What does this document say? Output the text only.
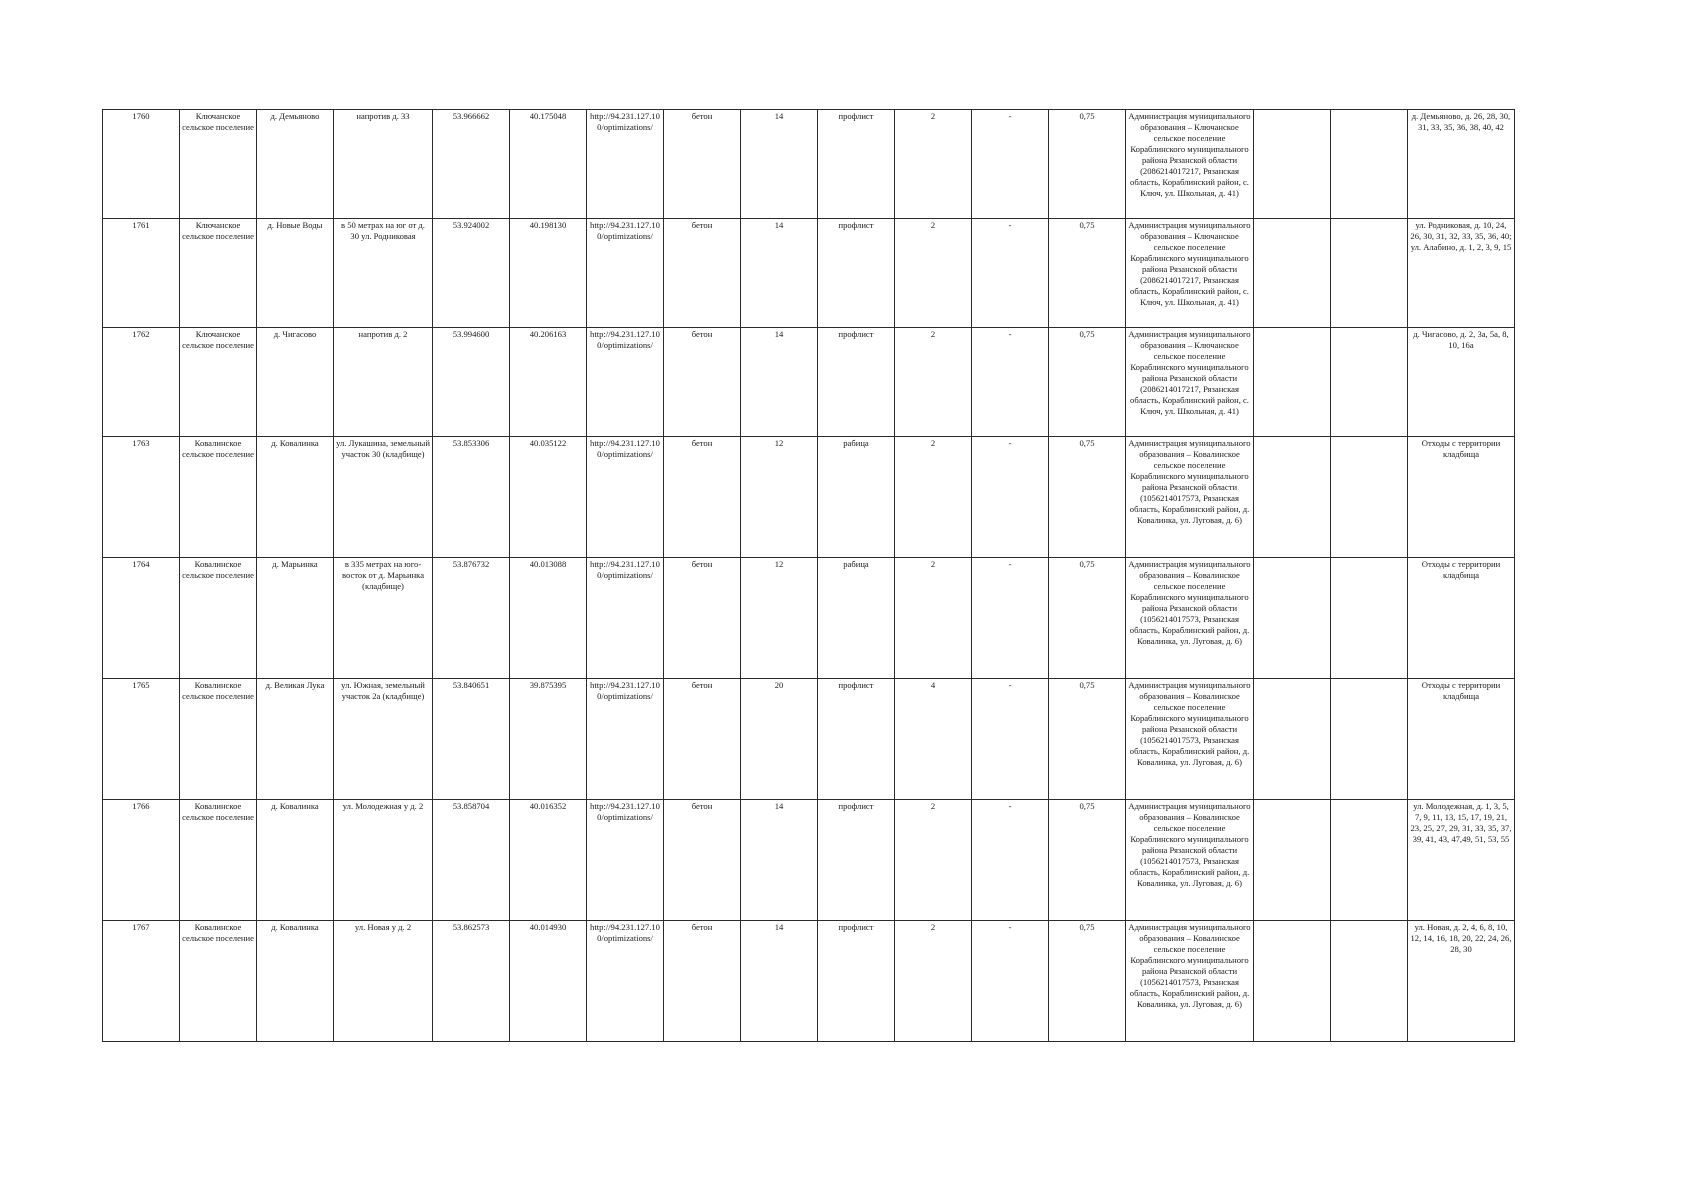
1760	Ключанское сельское поселение	д. Демьяново	напротив д. 33	53.966662	40.175048	http://94.231.127.100/optimizations/	бетон	14	профлист	2	-	0,75	Администрация муниципального образования – Ключанское сельское поселение Кораблинского муниципального района Рязанской области (2086214017217, Рязанская область, Кораблинский район, с. Ключ, ул. Школьная, д. 41)			д. Демьяново, д. 26, 28, 30, 31, 33, 35, 36, 38, 40, 42
1761	Ключанское сельское поселение	д. Новые Воды	в 50 метрах на юг от д. 30 ул. Родниковая	53.924002	40.198130	http://94.231.127.100/optimizations/	бетон	14	профлист	2	-	0,75	Администрация муниципального образования – Ключанское сельское поселение Кораблинского муниципального района Рязанской области (2086214017217, Рязанская область, Кораблинский район, с. Ключ, ул. Школьная, д. 41)			ул. Родниковая, д. 10, 24, 26, 30, 31, 32, 33, 35, 36, 40; ул. Алабино, д. 1, 2, 3, 9, 15
1762	Ключанское сельское поселение	д. Чигасово	напротив д. 2	53.994600	40.206163	http://94.231.127.100/optimizations/	бетон	14	профлист	2	-	0,75	Администрация муниципального образования – Ключанское сельское поселение Кораблинского муниципального района Рязанской области (2086214017217, Рязанская область, Кораблинский район, с. Ключ, ул. Школьная, д. 41)			д. Чигасово, д. 2, 3а, 5а, 8, 10, 16а
1763	Ковалинское сельское поселение	д. Ковалинка	ул. Лукашина, земельный участок 30 (кладбище)	53.853306	40.035122	http://94.231.127.100/optimizations/	бетон	12	рабица	2	-	0,75	Администрация муниципального образования – Ковалинское сельское поселение Кораблинского муниципального района Рязанской области (1056214017573, Рязанская область, Кораблинский район, д. Ковалинка, ул. Луговая, д. 6)			Отходы с территории кладбища
1764	Ковалинское сельское поселение	д. Марьинка	в 335 метрах на юго-восток от д. Марьинка (кладбище)	53.876732	40.013088	http://94.231.127.100/optimizations/	бетон	12	рабица	2	-	0,75	Администрация муниципального образования – Ковалинское сельское поселение Кораблинского муниципального района Рязанской области (1056214017573, Рязанская область, Кораблинский район, д. Ковалинка, ул. Луговая, д. 6)			Отходы с территории кладбища
1765	Ковалинское сельское поселение	д. Великая Лука	ул. Южная, земельный участок 2а (кладбище)	53.840651	39.875395	http://94.231.127.100/optimizations/	бетон	20	профлист	4	-	0,75	Администрация муниципального образования – Ковалинское сельское поселение Кораблинского муниципального района Рязанской области (1056214017573, Рязанская область, Кораблинский район, д. Ковалинка, ул. Луговая, д. 6)			Отходы с территории кладбища
1766	Ковалинское сельское поселение	д. Ковалинка	ул. Молодежная у д. 2	53.858704	40.016352	http://94.231.127.100/optimizations/	бетон	14	профлист	2	-	0,75	Администрация муниципального образования – Ковалинское сельское поселение Кораблинского муниципального района Рязанской области (1056214017573, Рязанская область, Кораблинский район, д. Ковалинка, ул. Луговая, д. 6)			ул. Молодежная, д. 1, 3, 5, 7, 9, 11, 13, 15, 17, 19, 21, 23, 25, 27, 29, 31, 33, 35, 37, 39, 41, 43, 47,49, 51, 53, 55
1767	Ковалинское сельское поселение	д. Ковалинка	ул. Новая у д. 2	53.862573	40.014930	http://94.231.127.100/optimizations/	бетон	14	профлист	2	-	0,75	Администрация муниципального образования – Ковалинское сельское поселение Кораблинского муниципального района Рязанской области (1056214017573, Рязанская область, Кораблинский район, д. Ковалинка, ул. Луговая, д. 6)			ул. Новая, д. 2, 4, 6, 8, 10, 12, 14, 16, 18, 20, 22, 24, 26, 28, 30
